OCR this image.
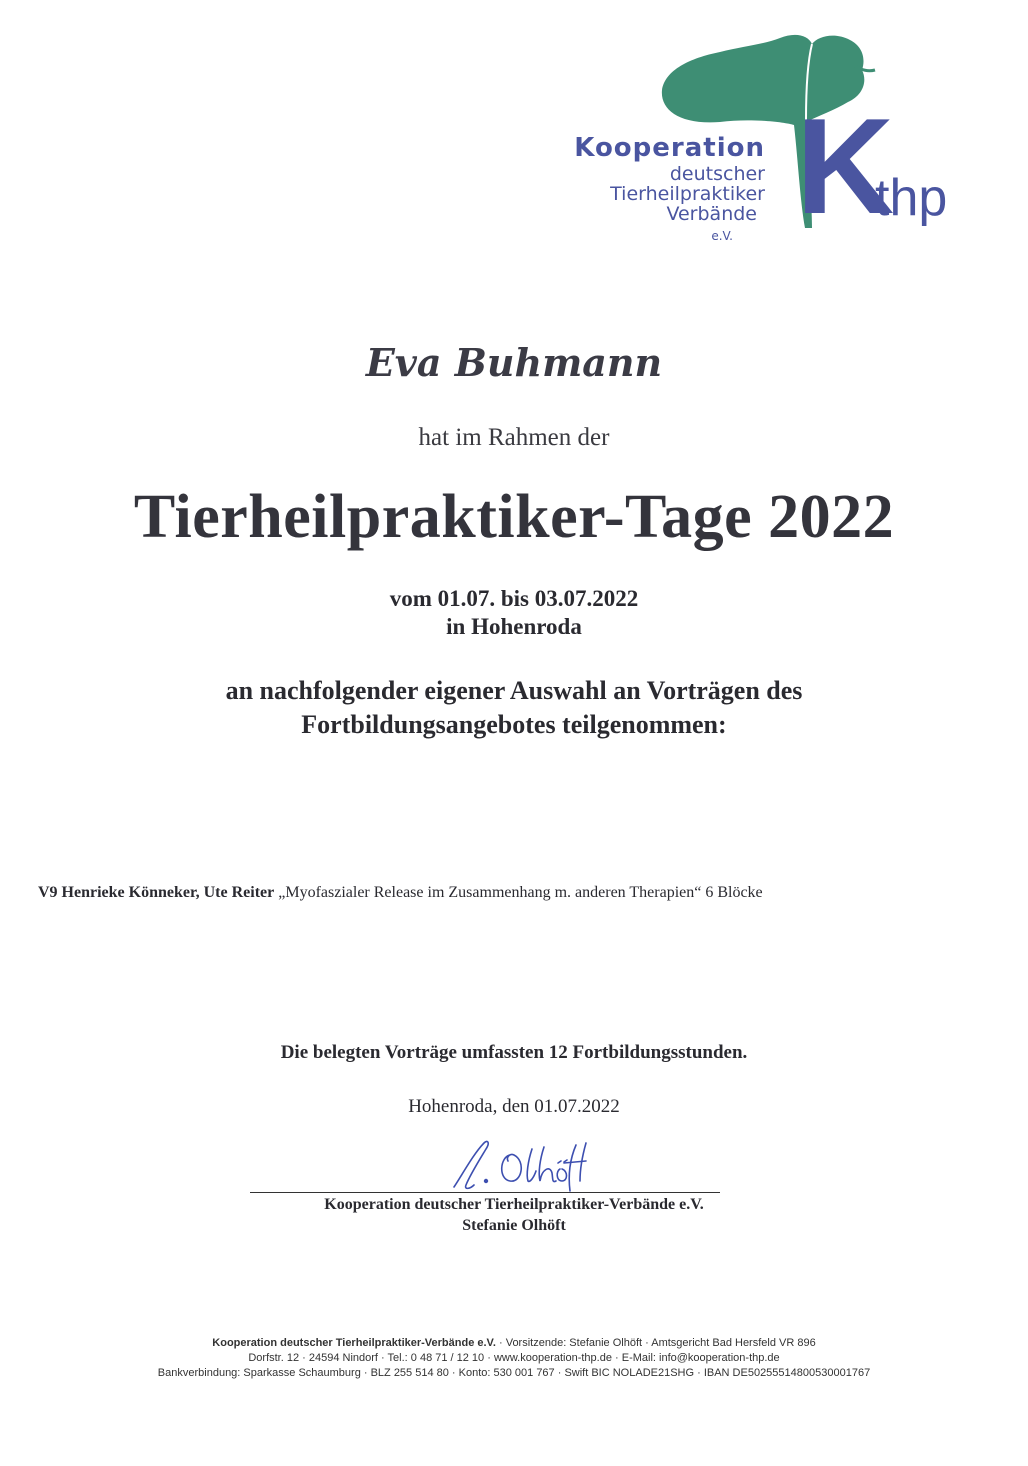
Kooperation
deutscher
Tierheilpraktiker
Verbände
e.V. K
thp
Eva Buhmann
hat im Rahmen der
Tierheilpraktiker-Tage 2022
vom 01.07. bis 03.07.2022
in Hohenroda
an nachfolgender eigener Auswahl an Vorträgen des
Fortbildungsangebotes teilgenommen:
V9 Henrieke Könneker, Ute Reiter „Myofaszialer Release im Zusammenhang m. anderen Therapien“ 6 Blöcke
Die belegten Vorträge umfassten 12 Fortbildungsstunden.
Hohenroda, den 01.07.2022
Kooperation deutscher Tierheilpraktiker-Verbände e.V.
Stefanie Olhöft
Kooperation deutscher Tierheilpraktiker-Verbände e.V. · Vorsitzende: Stefanie Olhöft · Amtsgericht Bad Hersfeld VR 896
Dorfstr. 12 · 24594 Nindorf · Tel.: 0 48 71 / 12 10 · www.kooperation-thp.de · E-Mail: info@kooperation-thp.de
Bankverbindung: Sparkasse Schaumburg · BLZ 255 514 80 · Konto: 530 001 767 · Swift BIC NOLADE21SHG · IBAN DE50255514800530001767
